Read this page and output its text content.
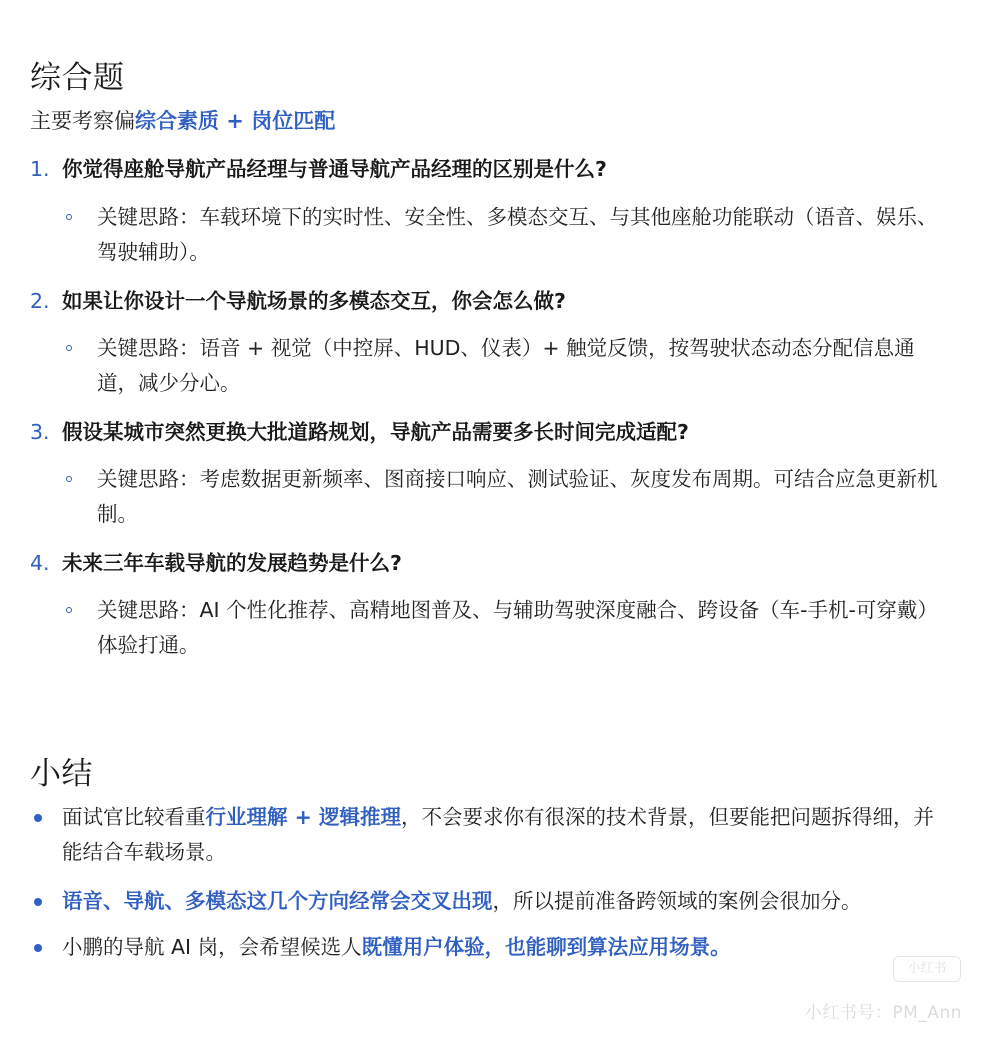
综合题
主要考察偏综合素质 + 岗位匹配
1. 你觉得座舱导航产品经理与普通导航产品经理的区别是什么?
关键思路：车载环境下的实时性、安全性、多模态交互、与其他座舱功能联动（语音、娱乐、驾驶辅助）。
2. 如果让你设计一个导航场景的多模态交互，你会怎么做?
关键思路：语音 + 视觉（中控屏、HUD、仪表）+ 触觉反馈，按驾驶状态动态分配信息通道，减少分心。
3. 假设某城市突然更换大批道路规划，导航产品需要多长时间完成适配?
关键思路：考虑数据更新频率、图商接口响应、测试验证、灰度发布周期。可结合应急更新机制。
4. 未来三年车载导航的发展趋势是什么?
关键思路：AI 个性化推荐、高精地图普及、与辅助驾驶深度融合、跨设备（车-手机-可穿戴）体验打通。
小结
面试官比较看重行业理解 + 逻辑推理，不会要求你有很深的技术背景，但要能把问题拆得细，并能结合车载场景。
语音、导航、多模态这几个方向经常会交叉出现，所以提前准备跨领域的案例会很加分。
小鹏的导航 AI 岗，会希望候选人既懂用户体验，也能聊到算法应用场景。
小红书
小红书号：PM_Ann
